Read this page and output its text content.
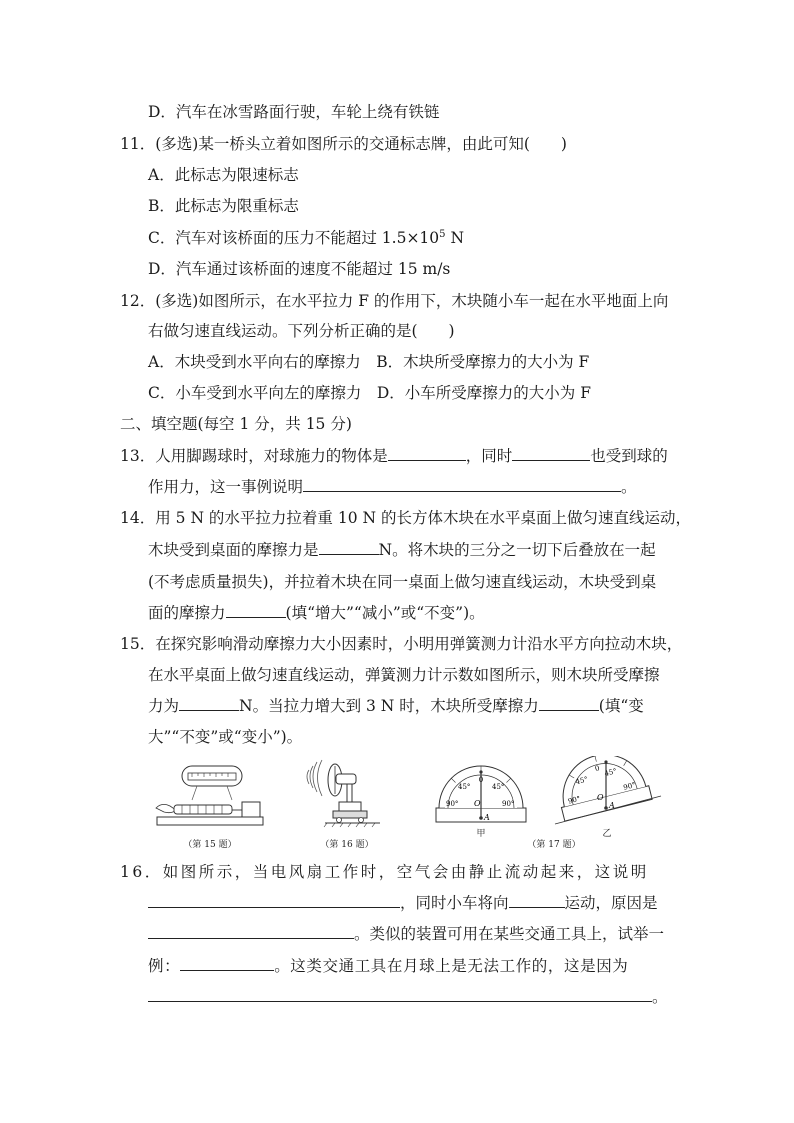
D．汽车在冰雪路面行驶，车轮上绕有铁链
11．(多选)某一桥头立着如图所示的交通标志牌，由此可知(　　)
A．此标志为限速标志
B．此标志为限重标志
C．汽车对该桥面的压力不能超过 $1.5\times 10^5$ N
D．汽车通过该桥面的速度不能超过 15 m/s
12．(多选)如图所示，在水平拉力 F 的作用下，木块随小车一起在水平地面上向
右做匀速直线运动。下列分析正确的是(　　)
A．木块受到水平向右的摩擦力　B．木块所受摩擦力的大小为 F
C．小车受到水平向左的摩擦力　D．小车所受摩擦力的大小为 F
二、填空题(每空 1 分，共 15 分)
13．人用脚踢球时，对球施力的物体是	，同时	也受到球的
作用力，这一事例说明	。
14．用 5 N 的水平拉力拉着重 10 N 的长方体木块在水平桌面上做匀速直线运动，
木块受到桌面的摩擦力是	N。将木块的三分之一切下后叠放在一起
(不考虑质量损失)，并拉着木块在同一桌面上做匀速直线运动，木块受到桌
面的摩擦力	(填“增大”“减小”或“不变”)。
15．在探究影响滑动摩擦力大小因素时，小明用弹簧测力计沿水平方向拉动木块，
在水平桌面上做匀速直线运动，弹簧测力计示数如图所示，则木块所受摩擦
力为	N。当拉力增大到 3 N 时，木块所受摩擦力	(填“变
大”“不变”或“变小”)。
（第 15 题）	（第 16 题）
0
45°	45°
90°	90°
O
A
甲
90°
90°
45°
45°
0
O
A
（第 17 题）
乙
16．如图所示，当电风扇工作时，空气会由静止流动起来，这说明
，同时小车将向	运动，原因是
。类似的装置可用在某些交通工具上，试举一
例：	。这类交通工具在月球上是无法工作的，这是因为
。
